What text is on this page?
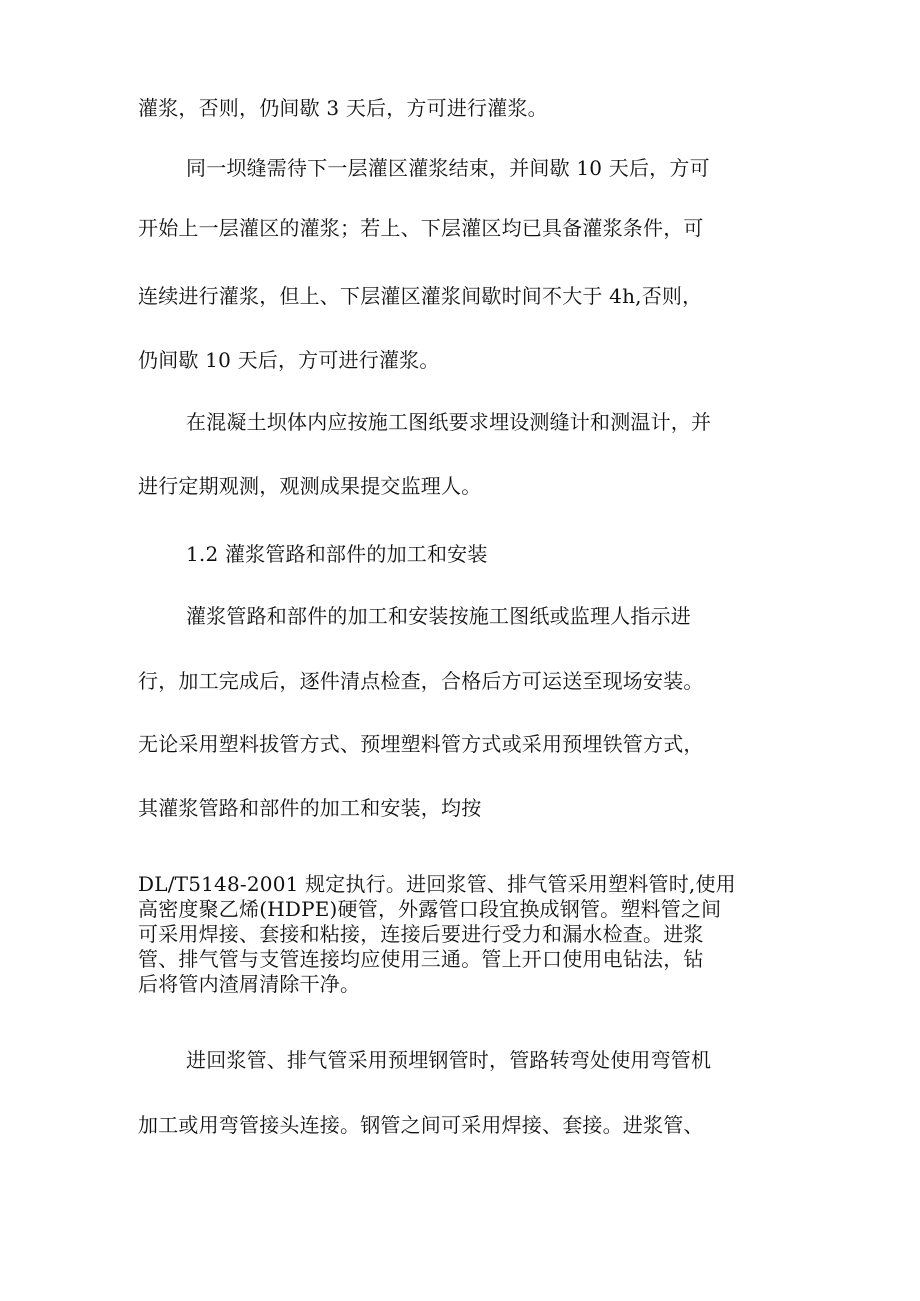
灌浆，否则，仍间歇 3 天后，方可进行灌浆。
同一坝缝需待下一层灌区灌浆结束，并间歇 10 天后，方可
开始上一层灌区的灌浆；若上、下层灌区均已具备灌浆条件，可
连续进行灌浆，但上、下层灌区灌浆间歇时间不大于 4h,否则，
仍间歇 10 天后，方可进行灌浆。
在混凝土坝体内应按施工图纸要求埋设测缝计和测温计，并
进行定期观测，观测成果提交监理人。
1.2 灌浆管路和部件的加工和安装
灌浆管路和部件的加工和安装按施工图纸或监理人指示进
行，加工完成后，逐件清点检查，合格后方可运送至现场安装。
无论采用塑料拔管方式、预埋塑料管方式或采用预埋铁管方式，
其灌浆管路和部件的加工和安装，均按
DL/T5148-2001 规定执行。进回浆管、排气管采用塑料管时,使用
高密度聚乙烯(HDPE)硬管，外露管口段宜换成钢管。塑料管之间
可采用焊接、套接和粘接，连接后要进行受力和漏水检查。进浆
管、排气管与支管连接均应使用三通。管上开口使用电钻法，钻
后将管内渣屑清除干净。
进回浆管、排气管采用预埋钢管时，管路转弯处使用弯管机
加工或用弯管接头连接。钢管之间可采用焊接、套接。进浆管、
